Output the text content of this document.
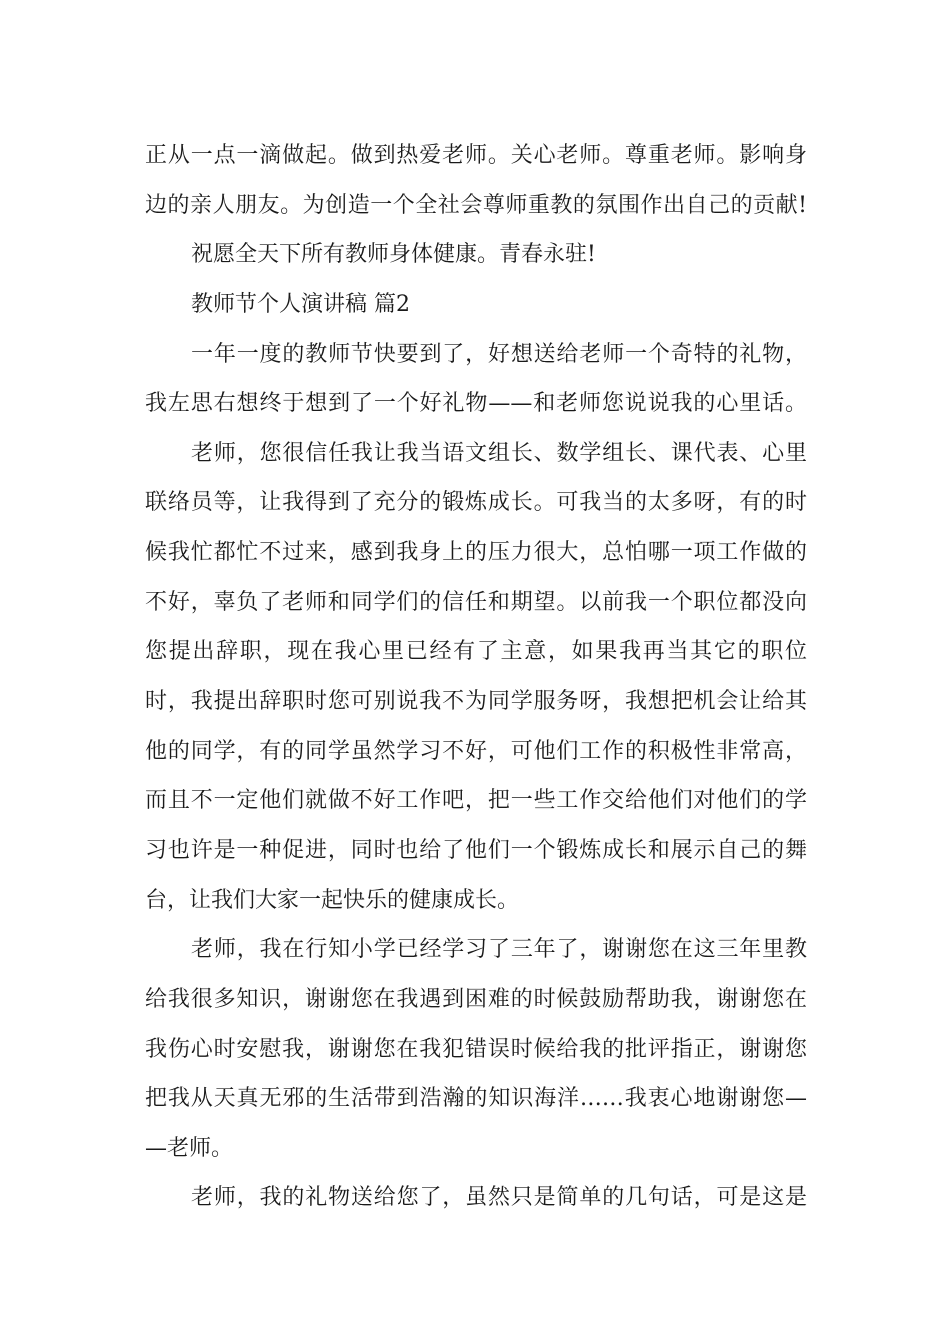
正从一点一滴做起。做到热爱老师。关心老师。尊重老师。影响身
边的亲人朋友。为创造一个全社会尊师重教的氛围作出自己的贡献!
祝愿全天下所有教师身体健康。青春永驻!
教师节个人演讲稿 篇2
一年一度的教师节快要到了，好想送给老师一个奇特的礼物，
我左思右想终于想到了一个好礼物——和老师您说说我的心里话。
老师，您很信任我让我当语文组长、数学组长、课代表、心里
联络员等，让我得到了充分的锻炼成长。可我当的太多呀，有的时
候我忙都忙不过来，感到我身上的压力很大，总怕哪一项工作做的
不好，辜负了老师和同学们的信任和期望。以前我一个职位都没向
您提出辞职，现在我心里已经有了主意，如果我再当其它的职位
时，我提出辞职时您可别说我不为同学服务呀，我想把机会让给其
他的同学，有的同学虽然学习不好，可他们工作的积极性非常高，
而且不一定他们就做不好工作吧，把一些工作交给他们对他们的学
习也许是一种促进，同时也给了他们一个锻炼成长和展示自己的舞
台，让我们大家一起快乐的健康成长。
老师，我在行知小学已经学习了三年了，谢谢您在这三年里教
给我很多知识，谢谢您在我遇到困难的时候鼓励帮助我，谢谢您在
我伤心时安慰我，谢谢您在我犯错误时候给我的批评指正，谢谢您
把我从天真无邪的生活带到浩瀚的知识海洋……我衷心地谢谢您—
—老师。
老师，我的礼物送给您了，虽然只是简单的几句话，可是这是
